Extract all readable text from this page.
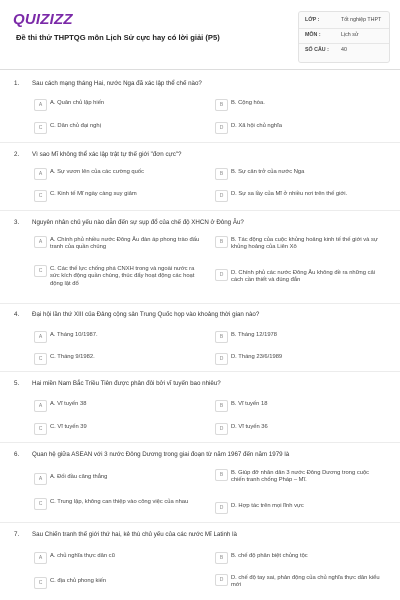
QUIZIZZ
Đề thi thử THPTQG môn Lịch Sử cực hay có lời giải (P5)
LỚP :	Tốt nghiệp THPT
MÔN :	Lịch sử
SỐ CÂU : 40
1. Sau cách mạng tháng Hai, nước Nga đã xác lập thể chế nào?
A	A. Quân chủ lập hiến	B	B. Cộng hòa.
C	C. Dân chủ đại nghị	D	D. Xã hội chủ nghĩa
2. Vì sao Mĩ không thể xác lập trật tự thế giới "đơn cực"?
A	A. Sự vươn lên của các cường quốc	B	B. Sự cản trở của nước Nga
C	C. Kinh tế Mĩ ngày càng suy giảm	D	D. Sự sa lầy của Mĩ ở nhiều nơi trên thế giới.
3. Nguyên nhân chủ yếu nào dẫn đến sự sụp đổ của chế độ XHCN ở Đông Âu?
A	A. Chính phủ nhiều nước Đông Âu đàn áp phong trào đấu tranh của quần chúng
B	B. Tác động của cuộc khủng hoảng kinh tế thế giới và sự khủng hoảng của Liên Xô
C	C. Các thế lực chống phá CNXH trong và ngoài nước ra sức kích động quần chúng, thúc đẩy hoạt động các hoạt động lật đổ
D	D. Chính phủ các nước Đông Âu không đề ra những cải cách cần thiết và đúng đắn
4. Đại hội lần thứ XIII của Đảng cộng sản Trung Quốc họp vào khoảng thời gian nào?
A	A. Tháng 10/1987.	B	B. Tháng 12/1978
C	C. Tháng 9/1982.	D	D. Tháng 23/6/1989
5. Hai miền Nam Bắc Triều Tiên được phân đôi bởi vĩ tuyến bao nhiêu?
A	A. Vĩ tuyến 38	B	B. Vĩ tuyến 18
C	C. Vĩ tuyến 39	D	D. Vĩ tuyến 36
6. Quan hệ giữa ASEAN với 3 nước Đông Dương trong giai đoạn từ năm 1967 đến năm 1979 là
A	A. Đối đầu căng thẳng	B	B. Giúp đỡ nhân dân 3 nước Đông Dương trong cuộc chiến tranh chống Pháp – Mĩ.
C	C. Trung lập, không can thiệp vào công việc của nhau
D	D. Hợp tác trên mọi lĩnh vực
7. Sau Chiến tranh thế giới thứ hai, kẻ thù chủ yếu của các nước Mĩ Latinh là
A	A. chủ nghĩa thực dân cũ	B	B. chế độ phân biệt chủng tộc
C	C. địa chủ phong kiến	D	D. chế độ tay sai, phản động của chủ nghĩa thực dân kiểu mới
